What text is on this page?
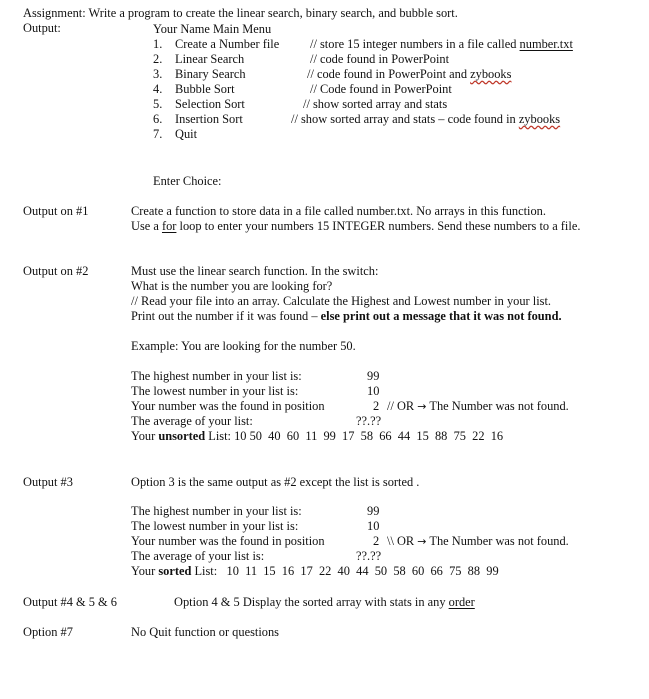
Assignment: Write a program to create the linear search, binary search, and bubble sort.
Output:	Your Name Main Menu
1. Create a Number file // store 15 integer numbers in a file called number.txt
2. Linear Search	// code found in PowerPoint
3. Binary Search	// code found in PowerPoint and zybooks
4. Bubble Sort	// Code found in PowerPoint
5. Selection Sort	// show sorted array and stats
6. Insertion Sort	// show sorted array and stats – code found in zybooks
7. Quit
Enter Choice:
Output on #1	Create a function to store data in a file called number.txt. No arrays in this function.
Use a for loop to enter your numbers 15 INTEGER numbers. Send these numbers to a file.
Output on #2	Must use the linear search function. In the switch:
What is the number you are looking for?
// Read your file into an array. Calculate the Highest and Lowest number in your list.
Print out the number if it was found – else print out a message that it was not found.
Example: You are looking for the number 50.
The highest number in your list is:	99
The lowest number in your list is:	10
Your number was the found in position	2 // OR → The Number was not found.
The average of your list:	??.??
Your unsorted List: 10 50  40  60  11  99  17  58  66  44  15  88  75  22  16
Output #3	Option 3 is the same output as #2 except the list is sorted .
The highest number in your list is:	99
The lowest number in your list is:	10
Your number was the found in position	2 \\ OR → The Number was not found.
The average of your list is:	??.??
Your sorted List: 10  11  15  16  17  22  40  44  50  58  60  66  75  88  99
Output #4 & 5 & 6	Option 4 & 5 Display the sorted array with stats in any order
Option #7	No Quit function or questions
